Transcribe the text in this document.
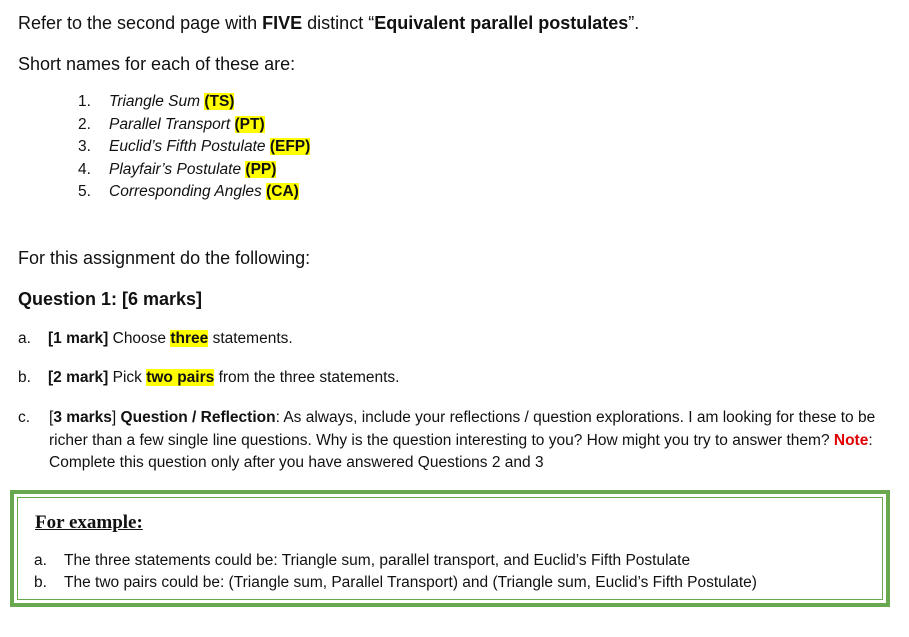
Refer to the second page with FIVE distinct “Equivalent parallel postulates”.
Short names for each of these are:
1. Triangle Sum (TS)
2. Parallel Transport (PT)
3. Euclid’s Fifth Postulate (EFP)
4. Playfair’s Postulate (PP)
5. Corresponding Angles (CA)
For this assignment do the following:
Question 1: [6 marks]
a. [1 mark] Choose three statements.
b. [2 mark] Pick two pairs from the three statements.
c. [3 marks] Question / Reflection: As always, include your reflections / question explorations. I am looking for these to be richer than a few single line questions. Why is the question interesting to you? How might you try to answer them? Note: Complete this question only after you have answered Questions 2 and 3
For example:
a. The three statements could be: Triangle sum, parallel transport, and Euclid’s Fifth Postulate
b. The two pairs could be: (Triangle sum, Parallel Transport) and (Triangle sum, Euclid’s Fifth Postulate)
